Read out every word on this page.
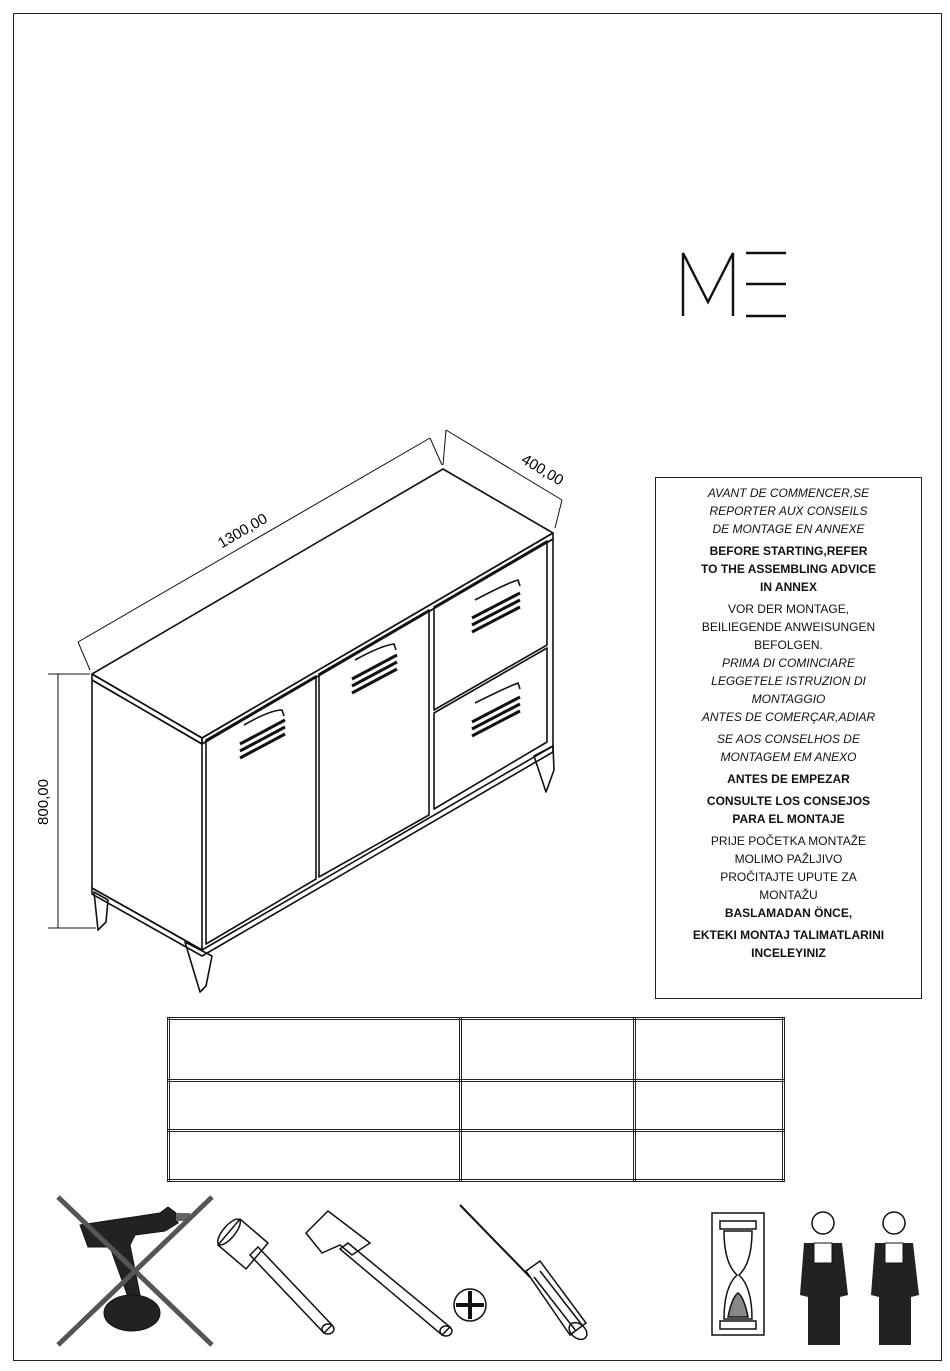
1300,00
400,00
800,00
AVANT DE COMMENCER,SE
REPORTER AUX CONSEILS
DE MONTAGE EN ANNEXE
BEFORE STARTING,REFER
TO THE ASSEMBLING ADVICE
IN ANNEX
VOR DER MONTAGE,
BEILIEGENDE ANWEISUNGEN
BEFOLGEN.
PRIMA DI COMINCIARE
LEGGETELE ISTRUZION DI
MONTAGGIO
ANTES DE COMERÇAR,ADIAR
SE AOS CONSELHOS DE
MONTAGEM EM ANEXO
ANTES DE EMPEZAR
CONSULTE LOS CONSEJOS
PARA EL MONTAJE
PRIJE POČETKA MONTAŽE
MOLIMO PAŽLJIVO
PROČITAJTE UPUTE ZA
MONTAŽU
BASLAMADAN ÖNCE,
EKTEKI MONTAJ TALIMATLARINI
INCELEYINIZ
